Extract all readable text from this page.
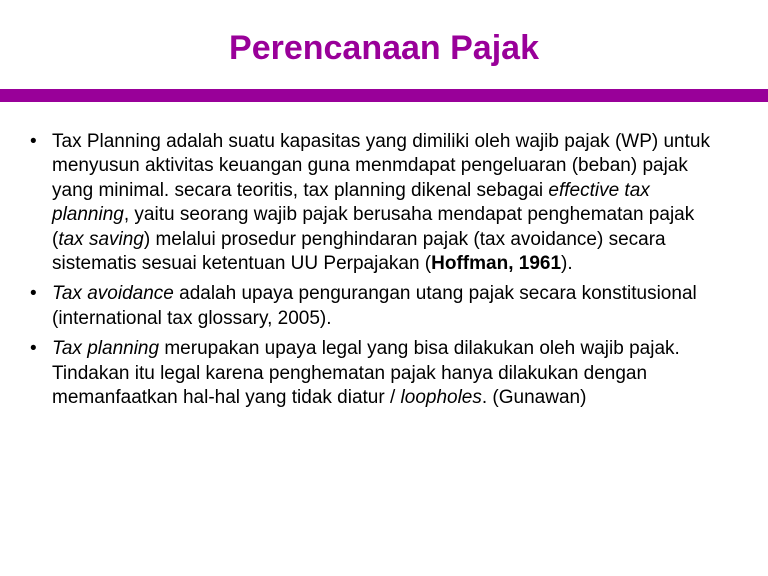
Perencanaan Pajak
• Tax Planning adalah suatu kapasitas yang dimiliki oleh wajib pajak (WP) untuk menyusun aktivitas keuangan guna menmdapat pengeluaran (beban) pajak yang minimal. secara teoritis, tax planning dikenal sebagai effective tax planning, yaitu seorang wajib pajak berusaha mendapat penghematan pajak (tax saving) melalui prosedur penghindaran pajak (tax avoidance) secara sistematis sesuai ketentuan UU Perpajakan (Hoffman, 1961).
• Tax avoidance adalah upaya pengurangan utang pajak secara konstitusional (international tax glossary, 2005).
• Tax planning merupakan upaya legal yang bisa dilakukan oleh wajib pajak. Tindakan itu legal karena penghematan pajak hanya dilakukan dengan memanfaatkan hal-hal yang tidak diatur / loopholes. (Gunawan)
